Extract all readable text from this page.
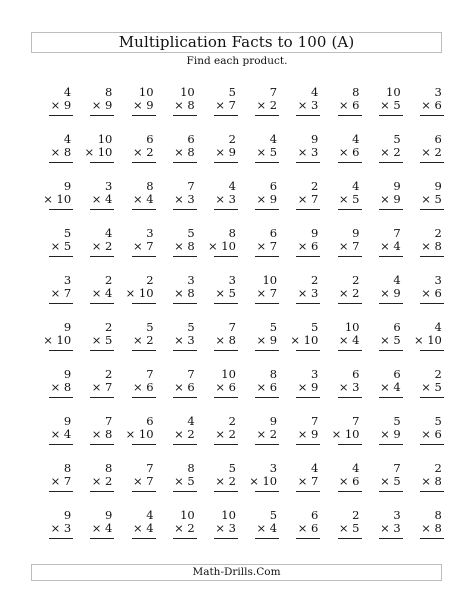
Multiplication Facts to 100 (A)
Find each product.
4
× 9
8
× 9
10
× 9
10
× 8
5
× 7
7
× 2
4
× 3
8
× 6
10
× 5
3
× 6
4
× 8
10
× 10
6
× 2
6
× 8
2
× 9
4
× 5
9
× 3
4
× 6
5
× 2
6
× 2
9
× 10
3
× 4
8
× 4
7
× 3
4
× 3
6
× 9
2
× 7
4
× 5
9
× 9
9
× 5
5
× 5
4
× 2
3
× 7
5
× 8
8
× 10
6
× 7
9
× 6
9
× 7
7
× 4
2
× 8
3
× 7
2
× 4
2
× 10
3
× 8
3
× 5
10
× 7
2
× 3
2
× 2
4
× 9
3
× 6
9
× 10
2
× 5
5
× 2
5
× 3
7
× 8
5
× 9
5
× 10
10
× 4
6
× 5
4
× 10
9
× 8
2
× 7
7
× 6
7
× 6
10
× 6
8
× 6
3
× 9
6
× 3
6
× 4
2
× 5
9
× 4
7
× 8
6
× 10
4
× 2
2
× 2
9
× 2
7
× 9
7
× 10
5
× 9
5
× 6
8
× 7
8
× 2
7
× 7
8
× 5
5
× 2
3
× 10
4
× 7
4
× 6
7
× 5
2
× 8
9
× 3
9
× 4
4
× 4
10
× 2
10
× 3
5
× 4
6
× 6
2
× 5
3
× 3
8
× 8
Math-Drills.Com
